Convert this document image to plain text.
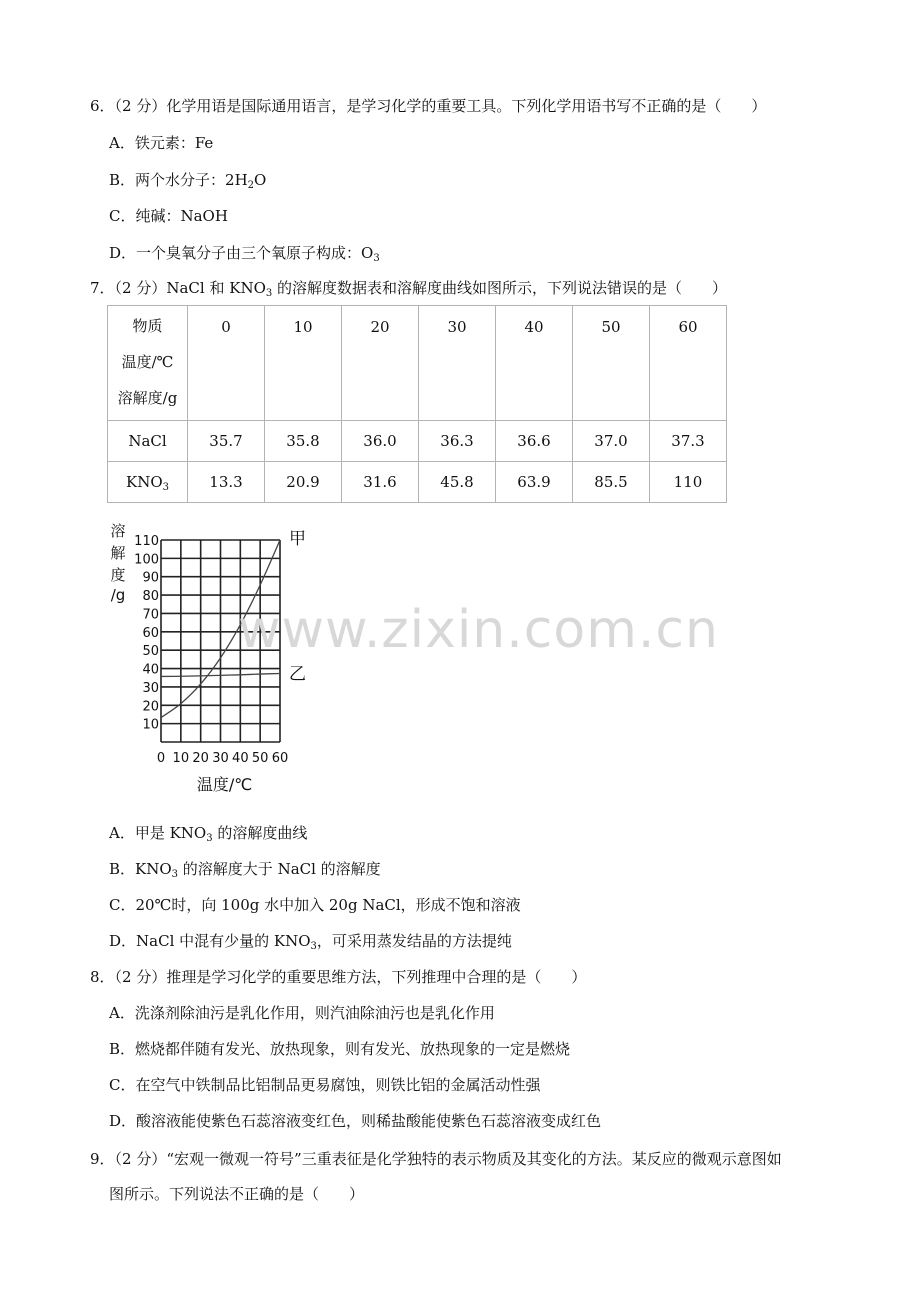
6．（2 分）化学用语是国际通用语言，是学习化学的重要工具。下列化学用语书写不正确的是（　　）
A．铁元素：Fe
B．两个水分子：$2H_2O$
C．纯碱：NaOH
D．一个臭氧分子由三个氧原子构成：$O_3$
7．（2 分）NaCl 和 $KNO_3$ 的溶解度数据表和溶解度曲线如图所示，下列说法错误的是（　　）
物质
温度/℃
溶解度/g	0	10	20	30	40	50	60
NaCl	35.7	35.8	36.0	36.3	36.6	37.0	37.3
$KNO_3$	13.3	20.9	31.6	45.8	63.9	85.5	110
10
20
30
40
50
60
70
80
90
100
110
0 10 20 30 40 50 60
溶
解
度
/g
温度/℃
甲
乙
www.zixin.com.cn
A．甲是 $KNO_3$ 的溶解度曲线
B．$KNO_3$ 的溶解度大于 NaCl 的溶解度
C．20℃时，向 100g 水中加入 20g NaCl，形成不饱和溶液
D．NaCl 中混有少量的 $KNO_3$，可采用蒸发结晶的方法提纯
8．（2 分）推理是学习化学的重要思维方法，下列推理中合理的是（　　）
A．洗涤剂除油污是乳化作用，则汽油除油污也是乳化作用
B．燃烧都伴随有发光、放热现象，则有发光、放热现象的一定是燃烧
C．在空气中铁制品比铝制品更易腐蚀，则铁比铝的金属活动性强
D．酸溶液能使紫色石蕊溶液变红色，则稀盐酸能使紫色石蕊溶液变成红色
9．（2 分）“宏观一微观一符号”三重表征是化学独特的表示物质及其变化的方法。某反应的微观示意图如
图所示。下列说法不正确的是（　　）
